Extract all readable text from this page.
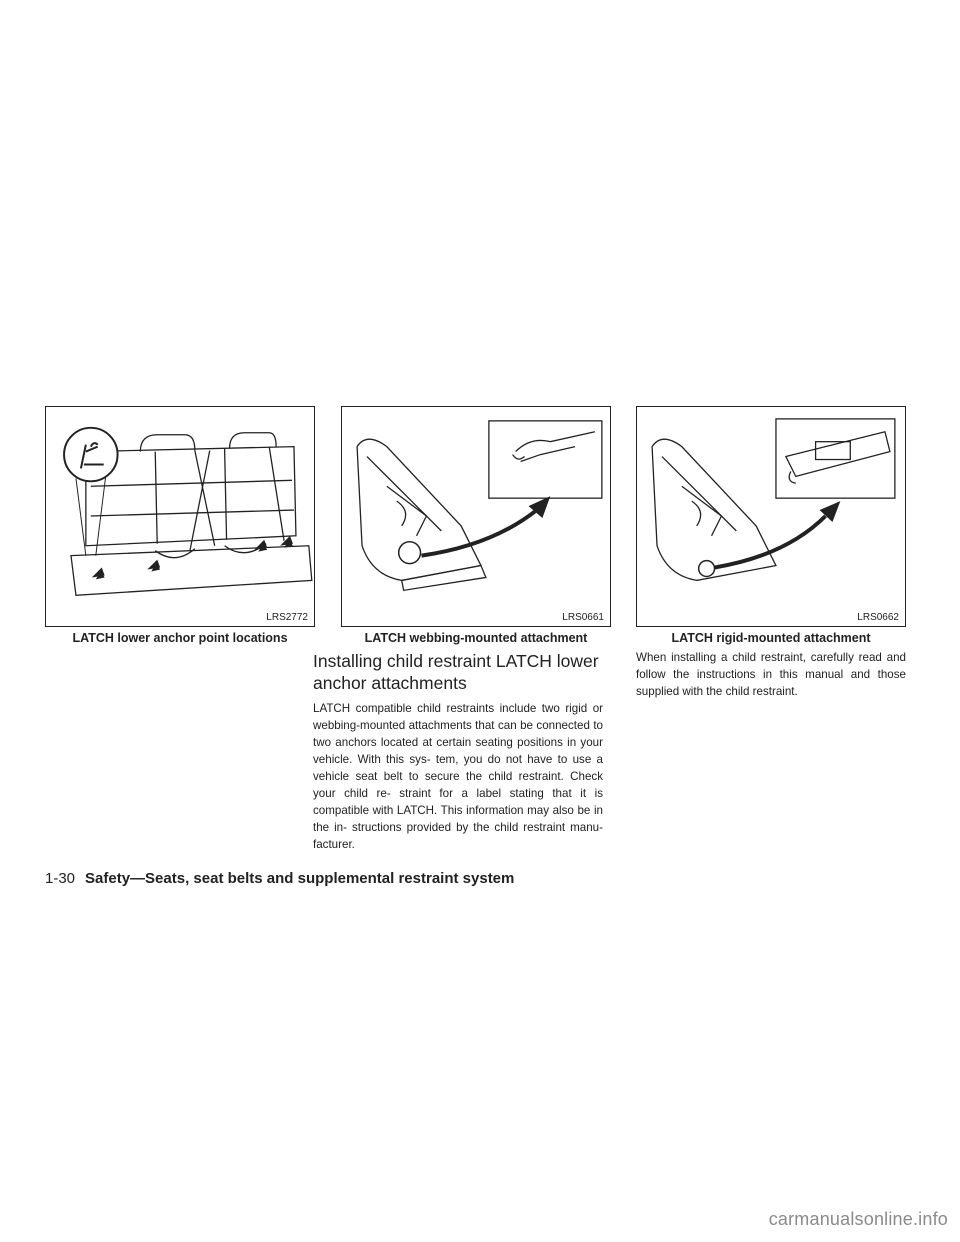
LRS2772
LATCH lower anchor point locations
LRS0661
LATCH webbing-mounted attachment
LRS0662
LATCH rigid-mounted attachment
Installing child restraint LATCH lower anchor attachments

LATCH compatible child restraints include two rigid or webbing-mounted attachments that can be connected to two anchors located at certain seating positions in your vehicle. With this sys- tem, you do not have to use a vehicle seat belt to secure the child restraint. Check your child re- straint for a label stating that it is compatible with LATCH. This information may also be in the in- structions provided by the child restraint manu- facturer.

When installing a child restraint, carefully read and follow the instructions in this manual and those supplied with the child restraint.

1-30 Safety—Seats, seat belts and supplemental restraint system
carmanualsonline.info
